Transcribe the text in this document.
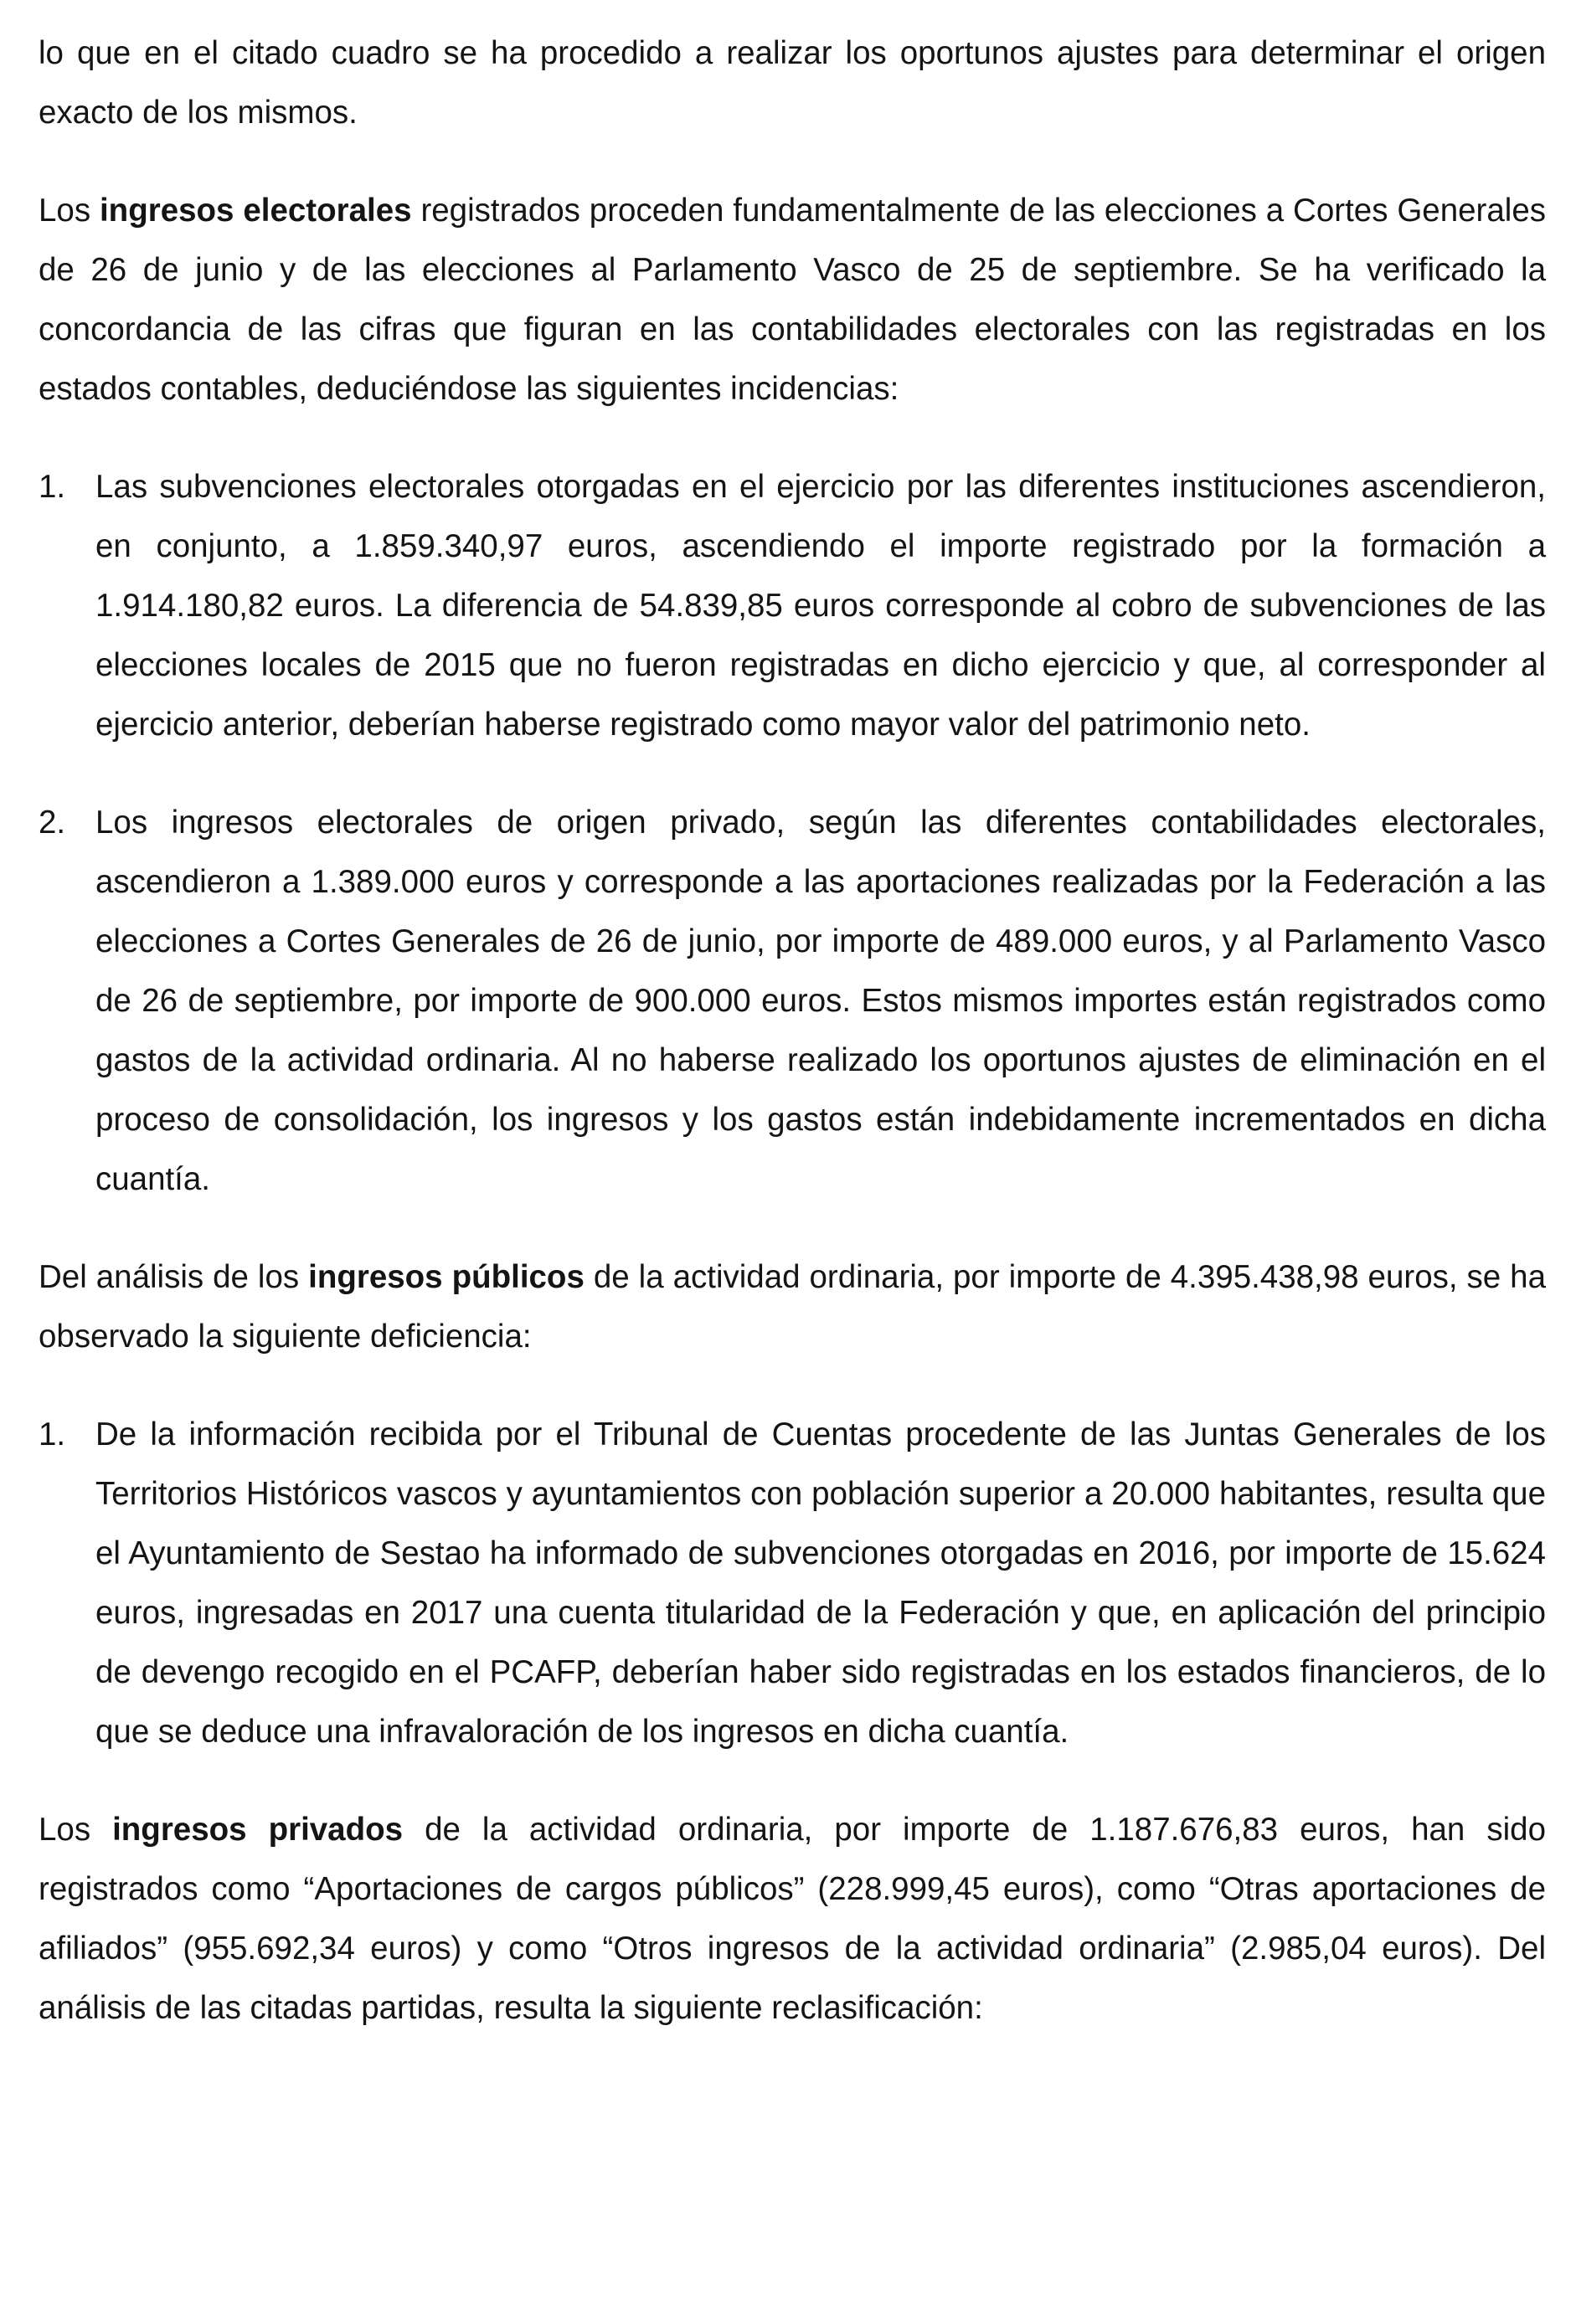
lo que en el citado cuadro se ha procedido a realizar los oportunos ajustes para determinar el origen exacto de los mismos.

Los ingresos electorales registrados proceden fundamentalmente de las elecciones a Cortes Generales de 26 de junio y de las elecciones al Parlamento Vasco de 25 de septiembre. Se ha verificado la concordancia de las cifras que figuran en las contabilidades electorales con las registradas en los estados contables, deduciéndose las siguientes incidencias:

1. Las subvenciones electorales otorgadas en el ejercicio por las diferentes instituciones ascendieron, en conjunto, a 1.859.340,97 euros, ascendiendo el importe registrado por la formación a 1.914.180,82 euros. La diferencia de 54.839,85 euros corresponde al cobro de subvenciones de las elecciones locales de 2015 que no fueron registradas en dicho ejercicio y que, al corresponder al ejercicio anterior, deberían haberse registrado como mayor valor del patrimonio neto.

2. Los ingresos electorales de origen privado, según las diferentes contabilidades electorales, ascendieron a 1.389.000 euros y corresponde a las aportaciones realizadas por la Federación a las elecciones a Cortes Generales de 26 de junio, por importe de 489.000 euros, y al Parlamento Vasco de 26 de septiembre, por importe de 900.000 euros. Estos mismos importes están registrados como gastos de la actividad ordinaria. Al no haberse realizado los oportunos ajustes de eliminación en el proceso de consolidación, los ingresos y los gastos están indebidamente incrementados en dicha cuantía.

Del análisis de los ingresos públicos de la actividad ordinaria, por importe de 4.395.438,98 euros, se ha observado la siguiente deficiencia:

1. De la información recibida por el Tribunal de Cuentas procedente de las Juntas Generales de los Territorios Históricos vascos y ayuntamientos con población superior a 20.000 habitantes, resulta que el Ayuntamiento de Sestao ha informado de subvenciones otorgadas en 2016, por importe de 15.624 euros, ingresadas en 2017 una cuenta titularidad de la Federación y que, en aplicación del principio de devengo recogido en el PCAFP, deberían haber sido registradas en los estados financieros, de lo que se deduce una infravaloración de los ingresos en dicha cuantía.

Los ingresos privados de la actividad ordinaria, por importe de 1.187.676,83 euros, han sido registrados como “Aportaciones de cargos públicos” (228.999,45 euros), como “Otras aportaciones de afiliados” (955.692,34 euros) y como “Otros ingresos de la actividad ordinaria” (2.985,04 euros). Del análisis de las citadas partidas, resulta la siguiente reclasificación:
